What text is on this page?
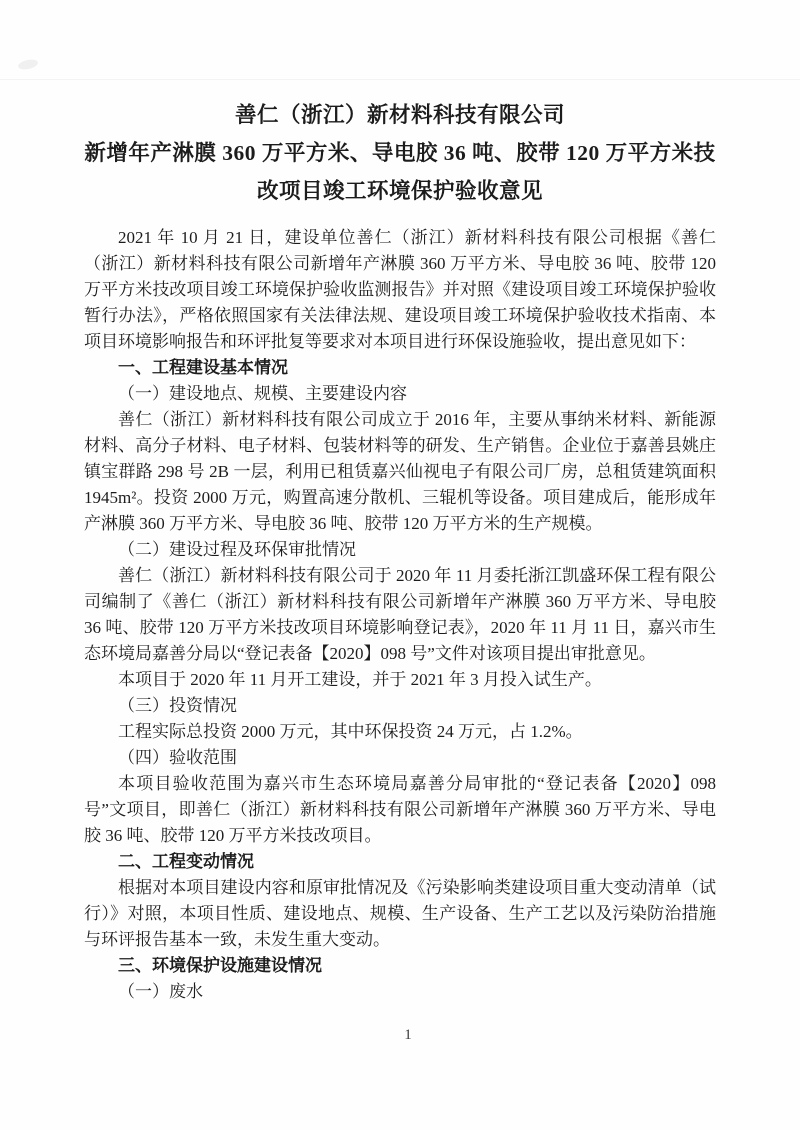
善仁（浙江）新材料科技有限公司
新增年产淋膜 360 万平方米、导电胶 36 吨、胶带 120 万平方米技
改项目竣工环境保护验收意见

2021 年 10 月 21 日，建设单位善仁（浙江）新材料科技有限公司根据《善仁（浙江）新材料科技有限公司新增年产淋膜 360 万平方米、导电胶 36 吨、胶带 120 万平方米技改项目竣工环境保护验收监测报告》并对照《建设项目竣工环境保护验收暂行办法》，严格依照国家有关法律法规、建设项目竣工环境保护验收技术指南、本项目环境影响报告和环评批复等要求对本项目进行环保设施验收，提出意见如下：

一、工程建设基本情况

（一）建设地点、规模、主要建设内容

善仁（浙江）新材料科技有限公司成立于 2016 年，主要从事纳米材料、新能源材料、高分子材料、电子材料、包装材料等的研发、生产销售。企业位于嘉善县姚庄镇宝群路 298 号 2B 一层，利用已租赁嘉兴仙视电子有限公司厂房，总租赁建筑面积 1945m²。投资 2000 万元，购置高速分散机、三辊机等设备。项目建成后，能形成年产淋膜 360 万平方米、导电胶 36 吨、胶带 120 万平方米的生产规模。

（二）建设过程及环保审批情况

善仁（浙江）新材料科技有限公司于 2020 年 11 月委托浙江凯盛环保工程有限公司编制了《善仁（浙江）新材料科技有限公司新增年产淋膜 360 万平方米、导电胶 36 吨、胶带 120 万平方米技改项目环境影响登记表》，2020 年 11 月 11 日，嘉兴市生态环境局嘉善分局以“登记表备【2020】098 号”文件对该项目提出审批意见。

本项目于 2020 年 11 月开工建设，并于 2021 年 3 月投入试生产。

（三）投资情况

工程实际总投资 2000 万元，其中环保投资 24 万元，占 1.2%。

（四）验收范围

本项目验收范围为嘉兴市生态环境局嘉善分局审批的“登记表备【2020】098 号”文项目，即善仁（浙江）新材料科技有限公司新增年产淋膜 360 万平方米、导电胶 36 吨、胶带 120 万平方米技改项目。

二、工程变动情况

根据对本项目建设内容和原审批情况及《污染影响类建设项目重大变动清单（试行）》对照，本项目性质、建设地点、规模、生产设备、生产工艺以及污染防治措施与环评报告基本一致，未发生重大变动。

三、环境保护设施建设情况

（一）废水

1
